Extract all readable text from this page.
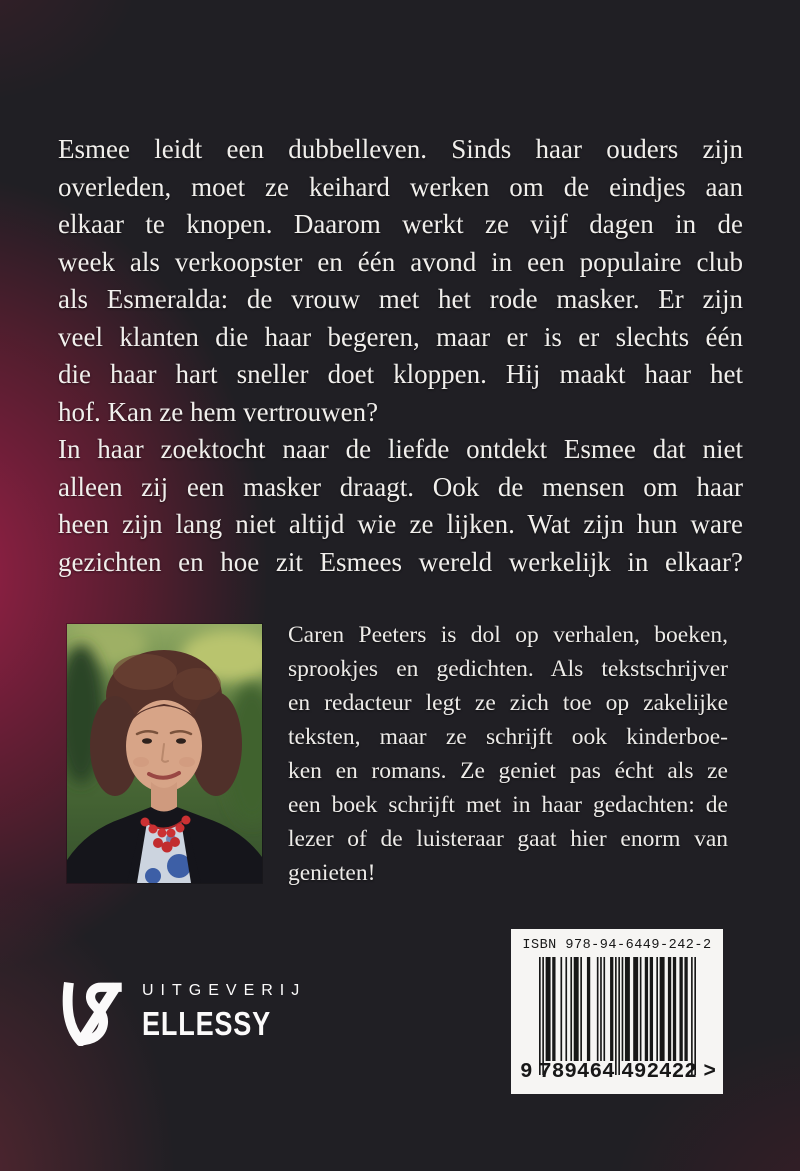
Esmee leidt een dubbelleven. Sinds haar ouders zijn
overleden, moet ze keihard werken om de eindjes aan
elkaar te knopen. Daarom werkt ze vijf dagen in de
week als verkoopster en één avond in een populaire club
als Esmeralda: de vrouw met het rode masker. Er zijn
veel klanten die haar begeren, maar er is er slechts één
die haar hart sneller doet kloppen. Hij maakt haar het
hof. Kan ze hem vertrouwen?
In haar zoektocht naar de liefde ontdekt Esmee dat niet
alleen zij een masker draagt. Ook de mensen om haar
heen zijn lang niet altijd wie ze lijken. Wat zijn hun ware
gezichten en hoe zit Esmees wereld werkelijk in elkaar?
Caren Peeters is dol op verhalen, boeken,
sprookjes en gedichten. Als tekstschrijver
en redacteur legt ze zich toe op zakelijke
teksten, maar ze schrijft ook kinderboe-
ken en romans. Ze geniet pas écht als ze
een boek schrijft met in haar gedachten: de
lezer of de luisteraar gaat hier enorm van
genieten!
UITGEVERIJ
ELLESSY
ISBN 978-94-6449-242-2
9 789464 492422 >
